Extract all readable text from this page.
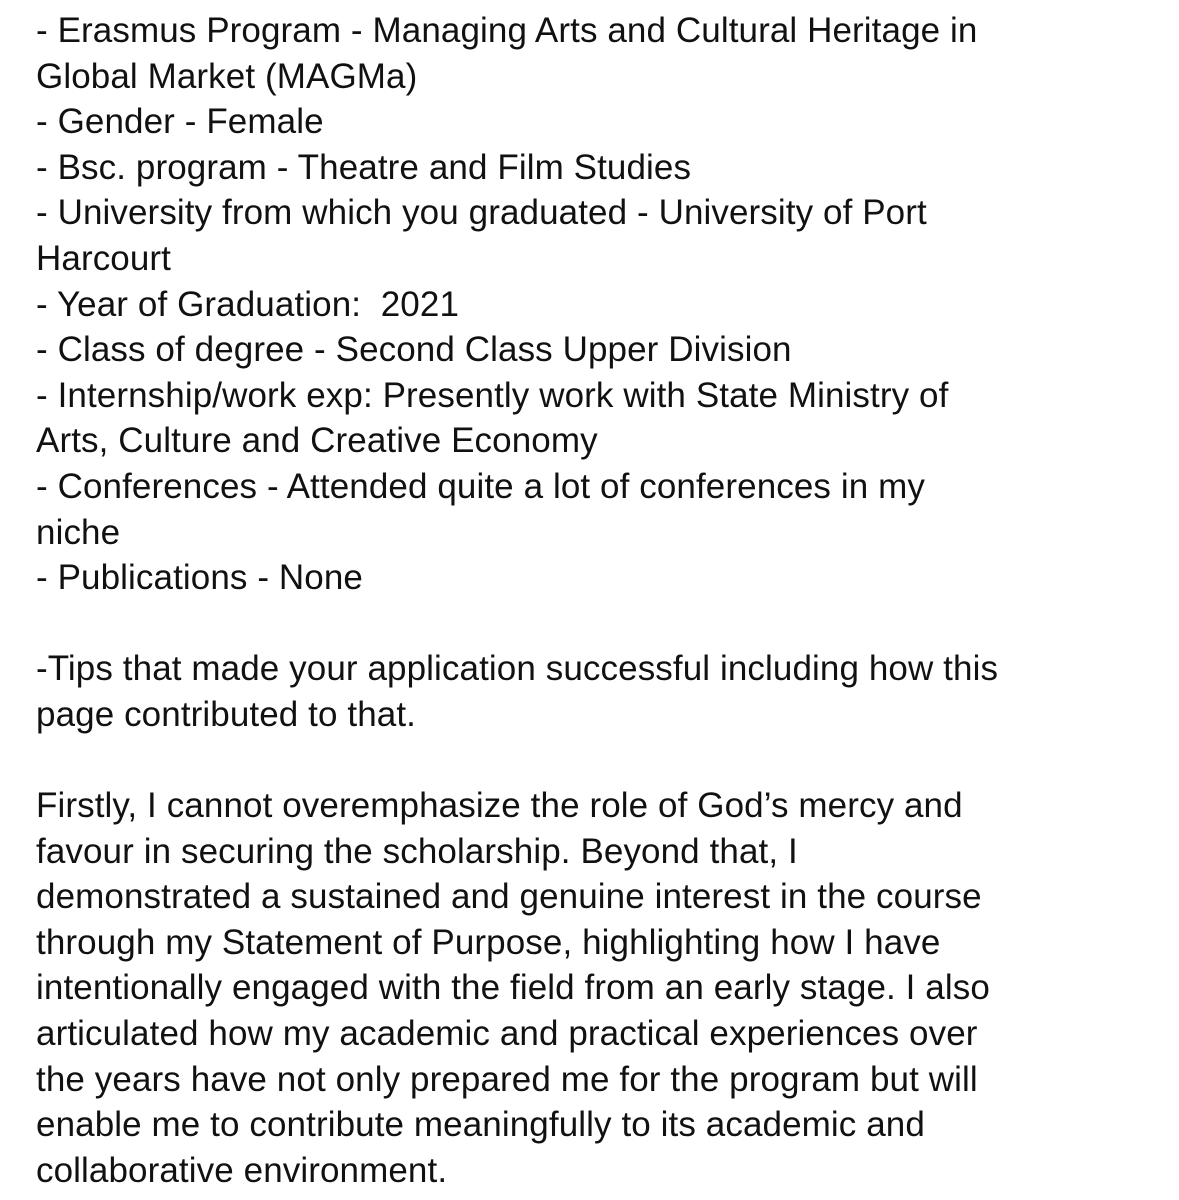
- Erasmus Program - Managing Arts and Cultural Heritage in
Global Market (MAGMa)
- Gender - Female
- Bsc. program - Theatre and Film Studies
- University from which you graduated - University of Port
Harcourt
- Year of Graduation:  2021
- Class of degree - Second Class Upper Division
- Internship/work exp: Presently work with State Ministry of
Arts, Culture and Creative Economy
- Conferences - Attended quite a lot of conferences in my
niche
- Publications - None
-Tips that made your application successful including how this
page contributed to that.
Firstly, I cannot overemphasize the role of God’s mercy and
favour in securing the scholarship. Beyond that, I
demonstrated a sustained and genuine interest in the course
through my Statement of Purpose, highlighting how I have
intentionally engaged with the field from an early stage. I also
articulated how my academic and practical experiences over
the years have not only prepared me for the program but will
enable me to contribute meaningfully to its academic and
collaborative environment.
